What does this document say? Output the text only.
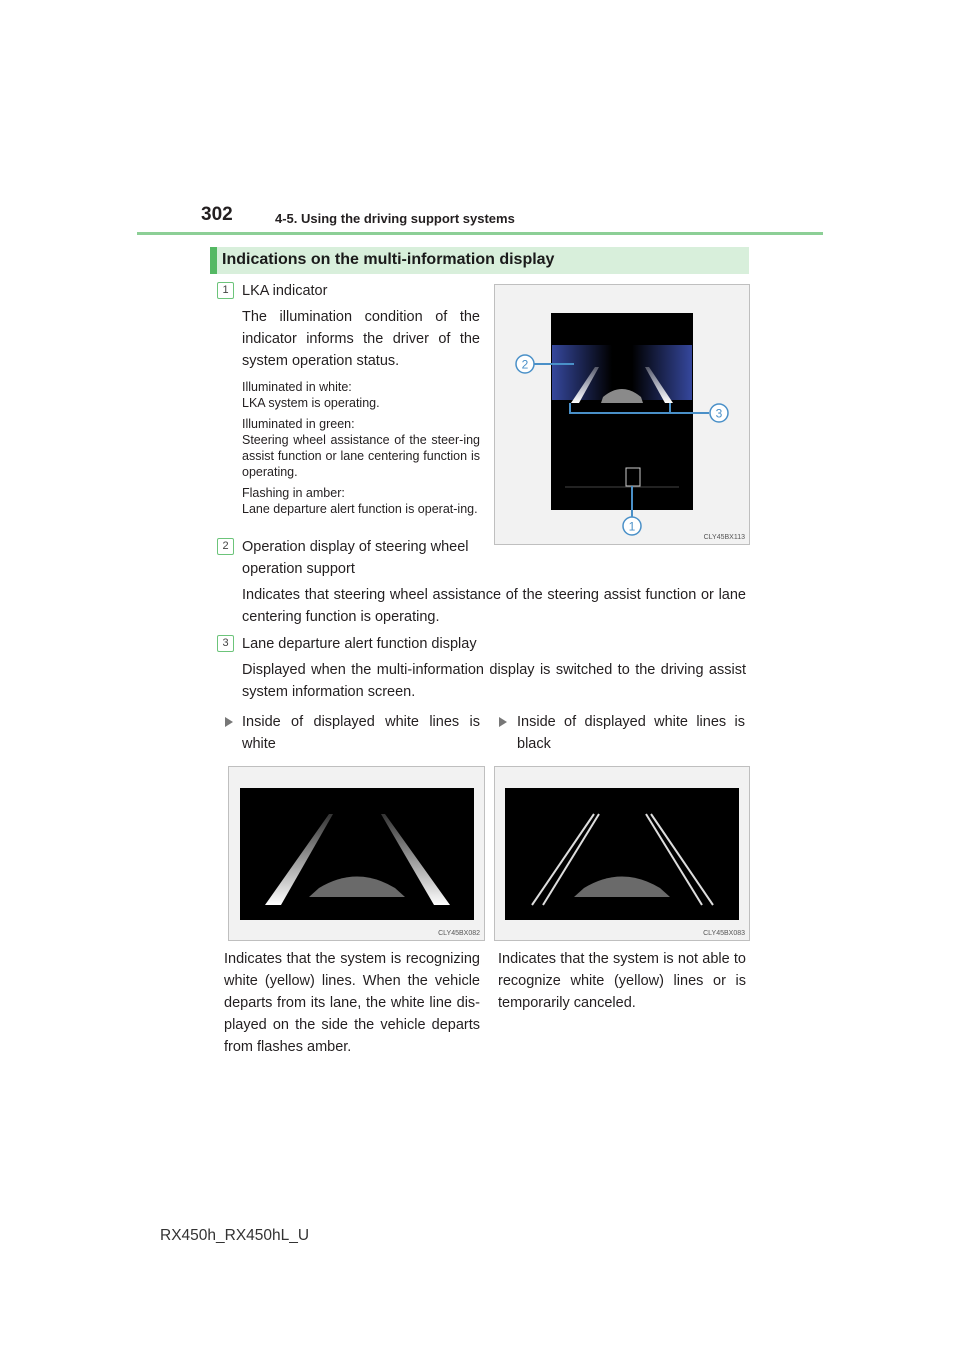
302	4-5. Using the driving support systems
Indications on the multi-information display
1 LKA indicator
The illumination condition of the indicator informs the driver of the system operation status.
Illuminated in white:
LKA system is operating.
Illuminated in green:
Steering wheel assistance of the steer-ing assist function or lane centering function is operating.
Flashing in amber:
Lane departure alert function is operat-ing.
2
3
1
CLY45BX113
2 Operation display of steering wheel operation support
Indicates that steering wheel assistance of the steering assist function or lane centering function is operating.
3 Lane departure alert function display
Displayed when the multi-information display is switched to the driving assist system information screen.
Inside of displayed white lines is white
Inside of displayed white lines is black
CLY45BX082	CLY45BX083
Indicates that the system is recognizing white (yellow) lines. When the vehicle departs from its lane, the white line dis-played on the side the vehicle departs from flashes amber.
Indicates that the system is not able to recognize white (yellow) lines or is temporarily canceled.
RX450h_RX450hL_U
